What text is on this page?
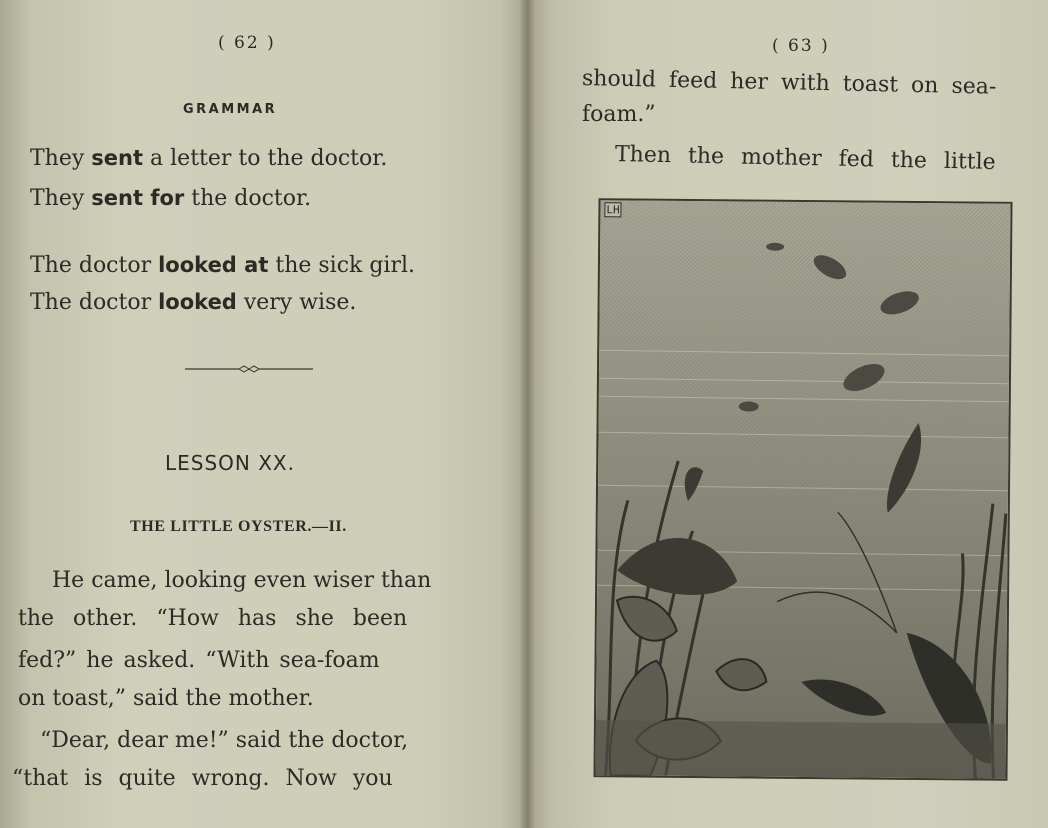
( 62 )
GRAMMAR
They sent a letter to the doctor.
They sent for the doctor.
The doctor looked at the sick girl.
The doctor looked very wise.
LESSON XX.
THE LITTLE OYSTER.—II.
He came, looking even wiser than
the other. “How has she been
fed?” he asked. “With sea-foam
on toast,” said the mother.
“Dear, dear me!” said the doctor,
“that is quite wrong. Now you
( 63 )
should feed her with toast on sea-
foam.”
Then the mother fed the little
LH
